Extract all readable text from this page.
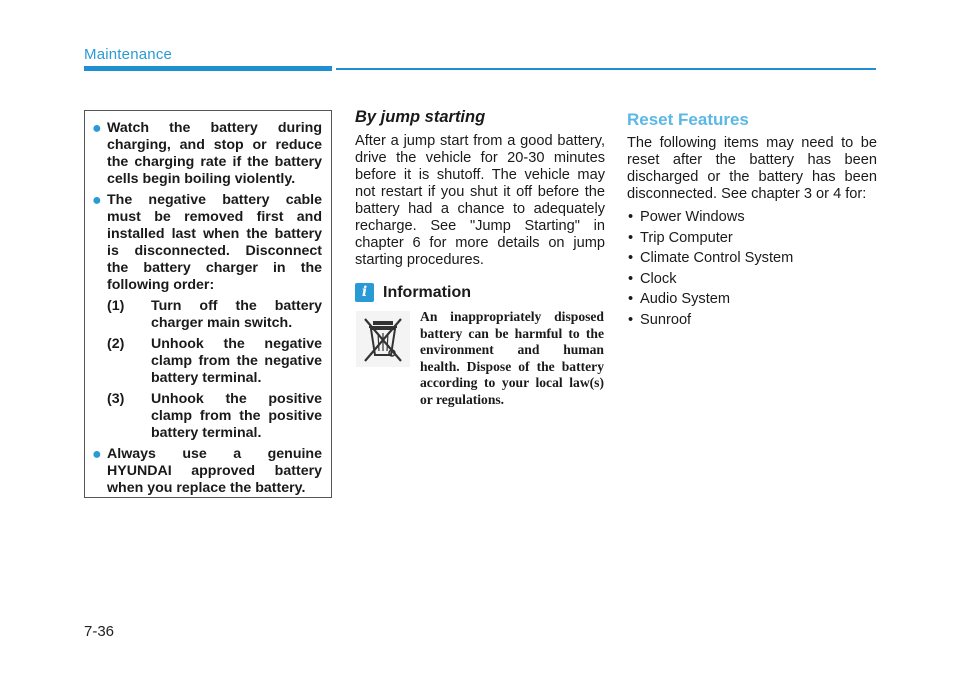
Maintenance
● Watch the battery during charging, and stop or reduce the charging rate if the battery cells begin boiling violently.
● The negative battery cable must be removed first and installed last when the battery is disconnected. Disconnect the battery charger in the following order:
(1) Turn off the battery charger main switch.
(2) Unhook the negative clamp from the negative battery terminal.
(3) Unhook the positive clamp from the positive battery terminal.
● Always use a genuine HYUNDAI approved battery when you replace the battery.
By jump starting

After a jump start from a good battery, drive the vehicle for 20-30 minutes before it is shutoff. The vehicle may not restart if you shut it off before the battery had a chance to adequately recharge. See "Jump Starting" in chapter 6 for more details on jump starting procedures.

i Information
An inappropriately disposed battery can be harmful to the environment and human health. Dispose of the battery according to your local law(s) or regulations.
Reset Features

The following items may need to be reset after the battery has been discharged or the battery has been disconnected. See chapter 3 or 4 for:

• Power Windows
• Trip Computer
• Climate Control System
• Clock
• Audio System
• Sunroof
7-36
